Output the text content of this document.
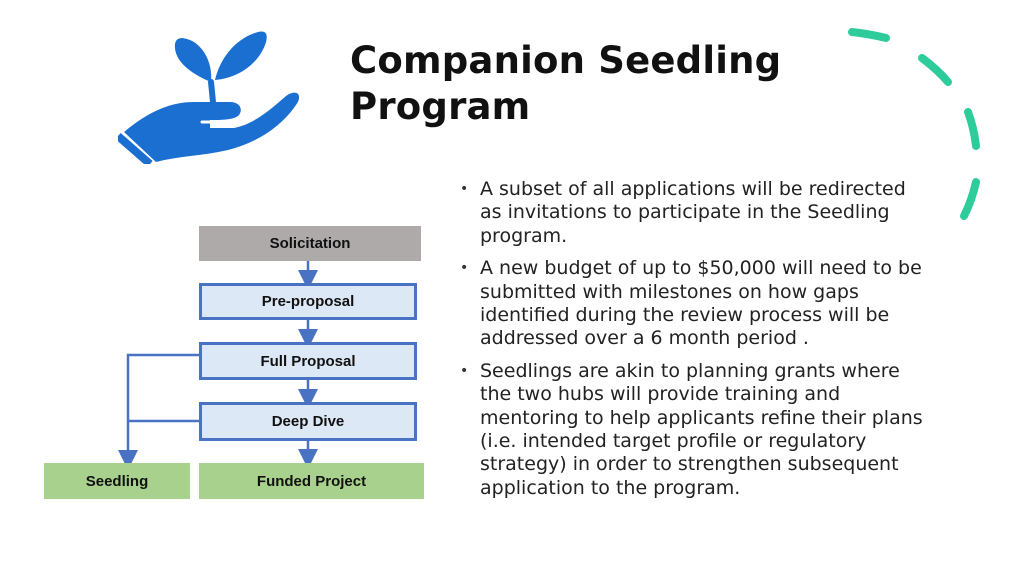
Companion Seedling Program
Solicitation
Pre-proposal
Full Proposal
Deep Dive
Seedling	Funded Project
• A subset of all applications will be redirected as invitations to participate in the Seedling program.
• A new budget of up to $50,000 will need to be submitted with milestones on how gaps identified during the review process will be addressed over a 6 month period .
• Seedlings are akin to planning grants where the two hubs will provide training and mentoring to help applicants refine their plans (i.e. intended target profile or regulatory strategy) in order to strengthen subsequent application to the program.
